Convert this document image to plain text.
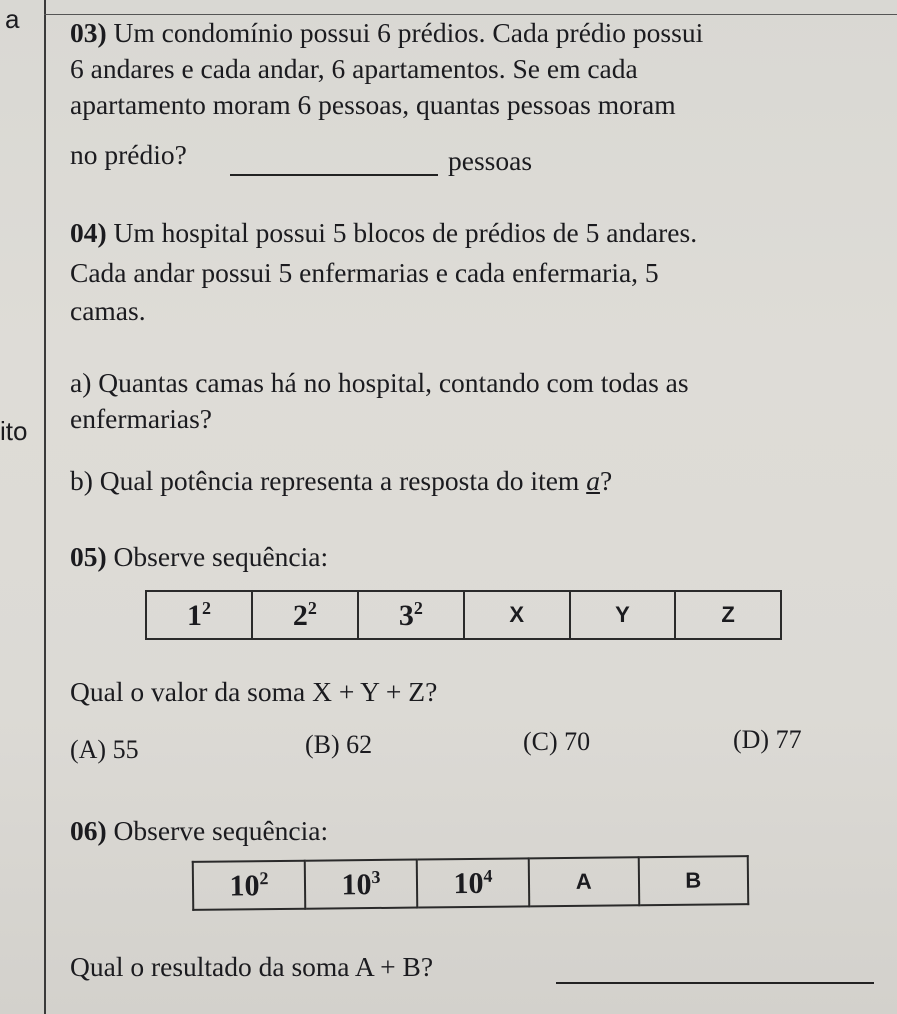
a
ito
03) Um condomínio possui 6 prédios. Cada prédio possui
6 andares e cada andar, 6 apartamentos. Se em cada
apartamento moram 6 pessoas, quantas pessoas moram
no prédio?	pessoas
04) Um hospital possui 5 blocos de prédios de 5 andares.
Cada andar possui 5 enfermarias e cada enfermaria, 5
camas.
a) Quantas camas há no hospital, contando com todas as
enfermarias?
b) Qual potência representa a resposta do item a?
05) Observe sequência:
$1^2$	$2^2$	$3^2$	X	Y	Z
Qual o valor da soma X + Y + Z?
(A) 55	(B) 62	(C) 70	(D) 77
06) Observe sequência:
$10^2$	$10^3$	$10^4$	A	B
Qual o resultado da soma A + B?
